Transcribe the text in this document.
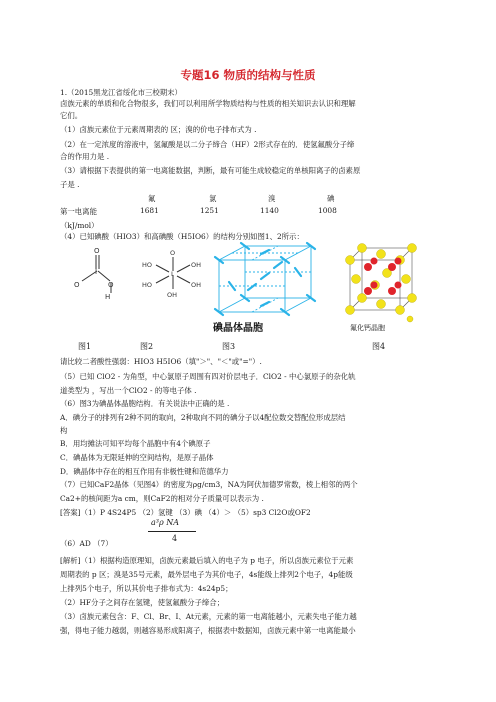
专题16 物质的结构与性质
1.（2015黑龙江省绥化市三校期末）
卤族元素的单质和化合物很多，我们可以利用所学物质结构与性质的相关知识去认识和理解
它们。
（1）卤族元素位于元素周期表的 区；溴的价电子排布式为 .
（2）在一定浓度的溶液中，氢氟酸是以二分子缔合（HF）2形式存在的．使氢氟酸分子缔
合的作用力是 .
（3）请根据下表提供的第一电离能数据，判断，最有可能生成较稳定的单核阳离子的卤素原
子是 .
氟	氯	溴	碘
第一电离能	1681	1251	1140	1008
（kJ/mol）
（4）已知碘酸（HIO3）和高碘酸（H5IO6）的结构分别如图1、2所示：
O
I
O	O
H
O
I
HO
HO
OH
OH
OH
碘晶体晶胞	氟化钙晶胞
图1	图2	图3	图4
请比较二者酸性强弱：HIO3 H5IO6（填"＞"、"＜"或"="）.
（5）已知 ClO2 - 为角型，中心氯原子周围有四对价层电子．ClO2 - 中心氯原子的杂化轨
道类型为 ，写出一个ClO2 - 的等电子体 .
（6）图3为碘晶体晶胞结构．有关说法中正确的是 .
A．碘分子的排列有2种不同的取向，2种取向不同的碘分子以4配位数交替配位形成层结
构
B．用均摊法可知平均每个晶胞中有4个碘原子
C．碘晶体为无限延伸的空间结构，是原子晶体
D．碘晶体中存在的相互作用有非极性键和范德华力
（7）已知CaF2晶体（见图4）的密度为ρg/cm3，NA为阿伏加德罗常数，棱上相邻的两个
Ca2+的核间距为a cm，则CaF2的相对分子质量可以表示为 .
[答案]（1）P 4S24P5 （2）氢键 （3）碘 （4）＞ （5）sp3 Cl2O或OF2
a³ρ NA
4
（6）AD （7）
[解析]（1）根据构造原理知，卤族元素最后填入的电子为 p 电子，所以卤族元素位于元素
周期表的 p 区；溴是35号元素，最外层电子为其价电子，4s能级上排列2个电子，4p能级
上排列5个电子，所以其价电子排布式为：4s24p5；
（2）HF分子之间存在氢键，使氢氟酸分子缔合；
（3）卤族元素包含：F、Cl、Br、I、At元素，元素的第一电离能越小，元素失电子能力越
强，得电子能力越弱，则越容易形成阳离子，根据表中数据知，卤族元素中第一电离能最小
